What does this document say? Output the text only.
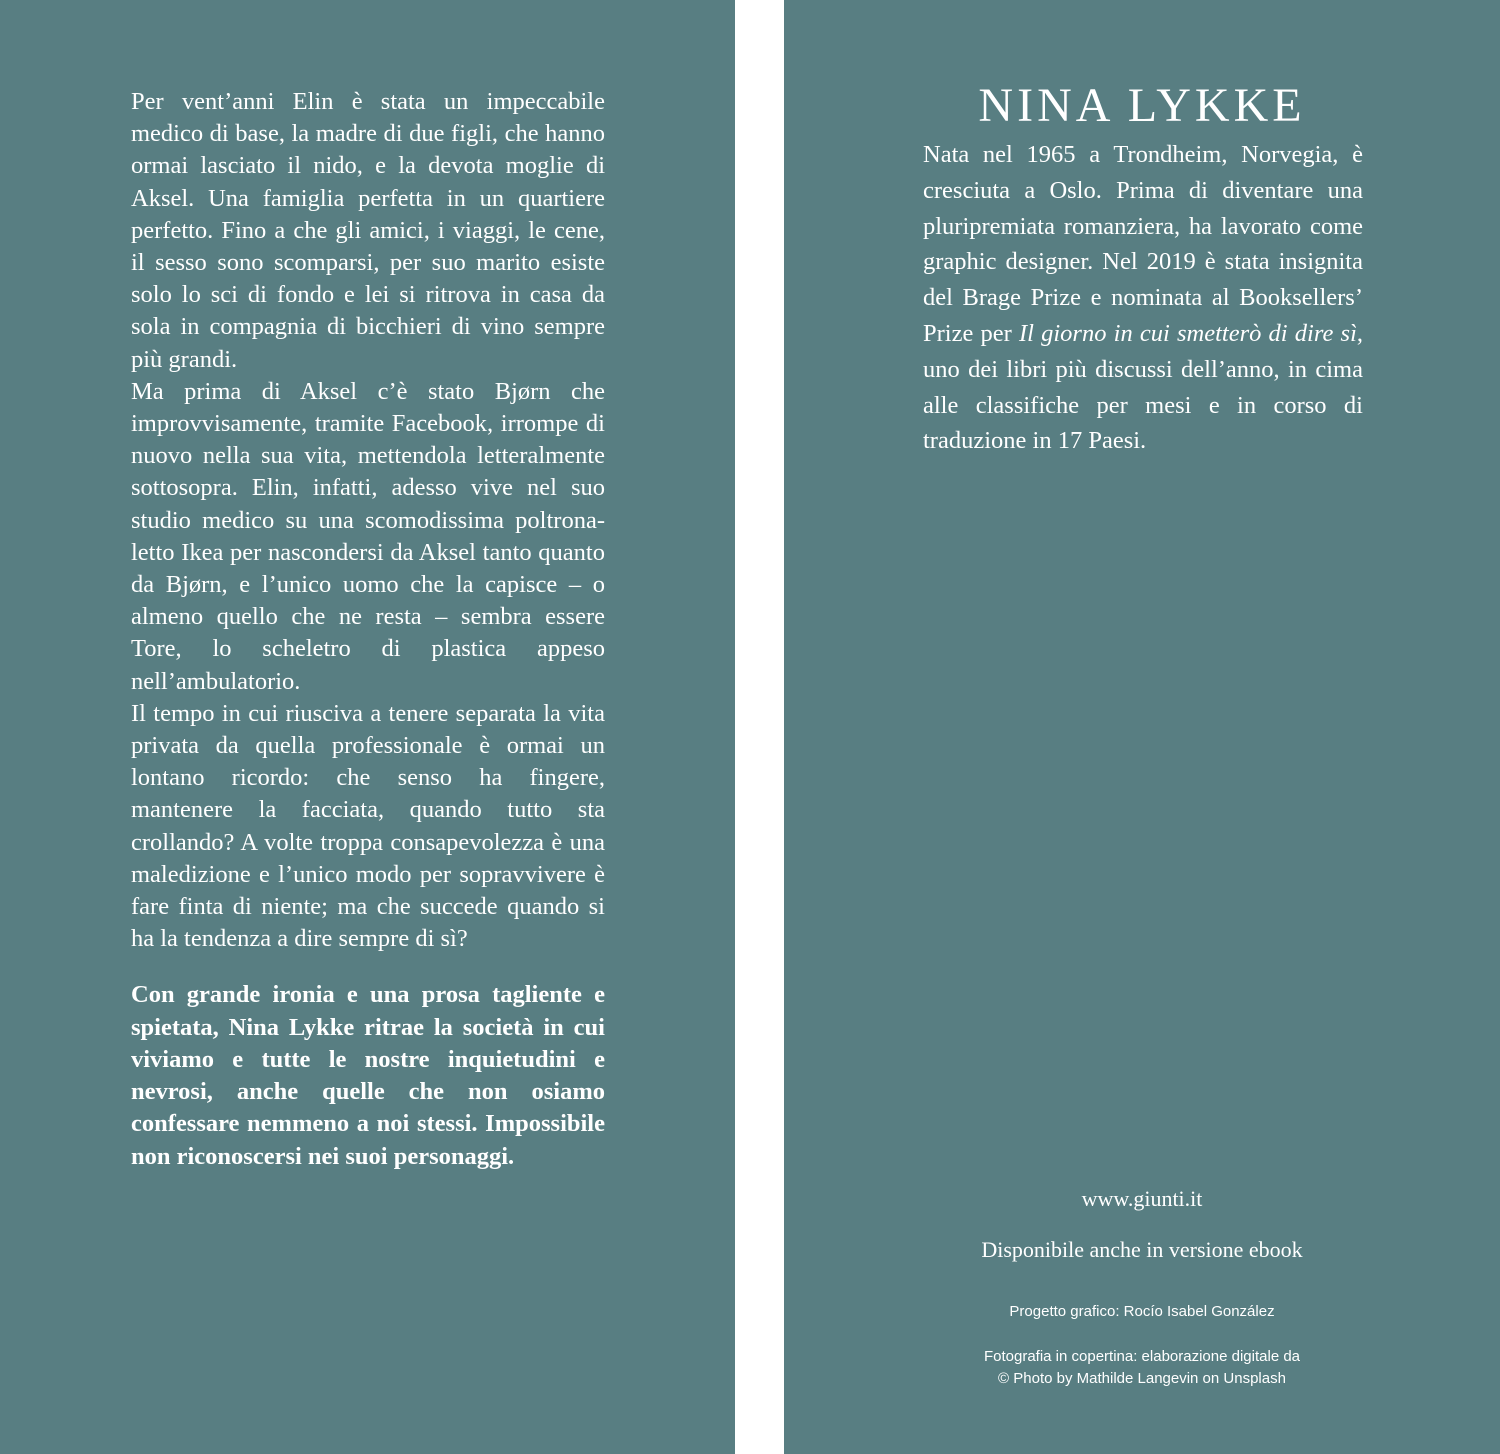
Per vent’anni Elin è stata un impeccabile medico di base, la madre di due figli, che hanno ormai lasciato il nido, e la devota moglie di Aksel. Una famiglia perfetta in un quartiere perfetto. Fino a che gli amici, i viaggi, le cene, il sesso sono scomparsi, per suo marito esiste solo lo sci di fondo e lei si ritrova in casa da sola in compagnia di bicchieri di vino sempre più grandi.

Ma prima di Aksel c’è stato Bjørn che improvvisamente, tramite Facebook, irrompe di nuovo nella sua vita, mettendola letteralmente sottosopra. Elin, infatti, adesso vive nel suo studio medico su una scomodissima poltrona-letto Ikea per nascondersi da Aksel tanto quanto da Bjørn, e l’unico uomo che la capisce – o almeno quello che ne resta – sembra essere Tore, lo scheletro di plastica appeso nell’ambulatorio.

Il tempo in cui riusciva a tenere separata la vita privata da quella professionale è ormai un lontano ricordo: che senso ha fingere, mantenere la facciata, quando tutto sta crollando? A volte troppa consapevolezza è una maledizione e l’unico modo per sopravvivere è fare finta di niente; ma che succede quando si ha la tendenza a dire sempre di sì?

Con grande ironia e una prosa tagliente e spietata, Nina Lykke ritrae la società in cui viviamo e tutte le nostre inquietudini e nevrosi, anche quelle che non osiamo confessare nemmeno a noi stessi. Impossibile non riconoscersi nei suoi personaggi.

NINA LYKKE

Nata nel 1965 a Trondheim, Norvegia, è cresciuta a Oslo. Prima di diventare una pluripremiata romanziera, ha lavorato come graphic designer. Nel 2019 è stata insignita del Brage Prize e nominata al Booksellers’ Prize per Il giorno in cui smetterò di dire sì, uno dei libri più discussi dell’anno, in cima alle classifiche per mesi e in corso di traduzione in 17 Paesi.

www.giunti.it

Disponibile anche in versione ebook

Progetto grafico: Rocío Isabel González

Fotografia in copertina: elaborazione digitale da
© Photo by Mathilde Langevin on Unsplash
